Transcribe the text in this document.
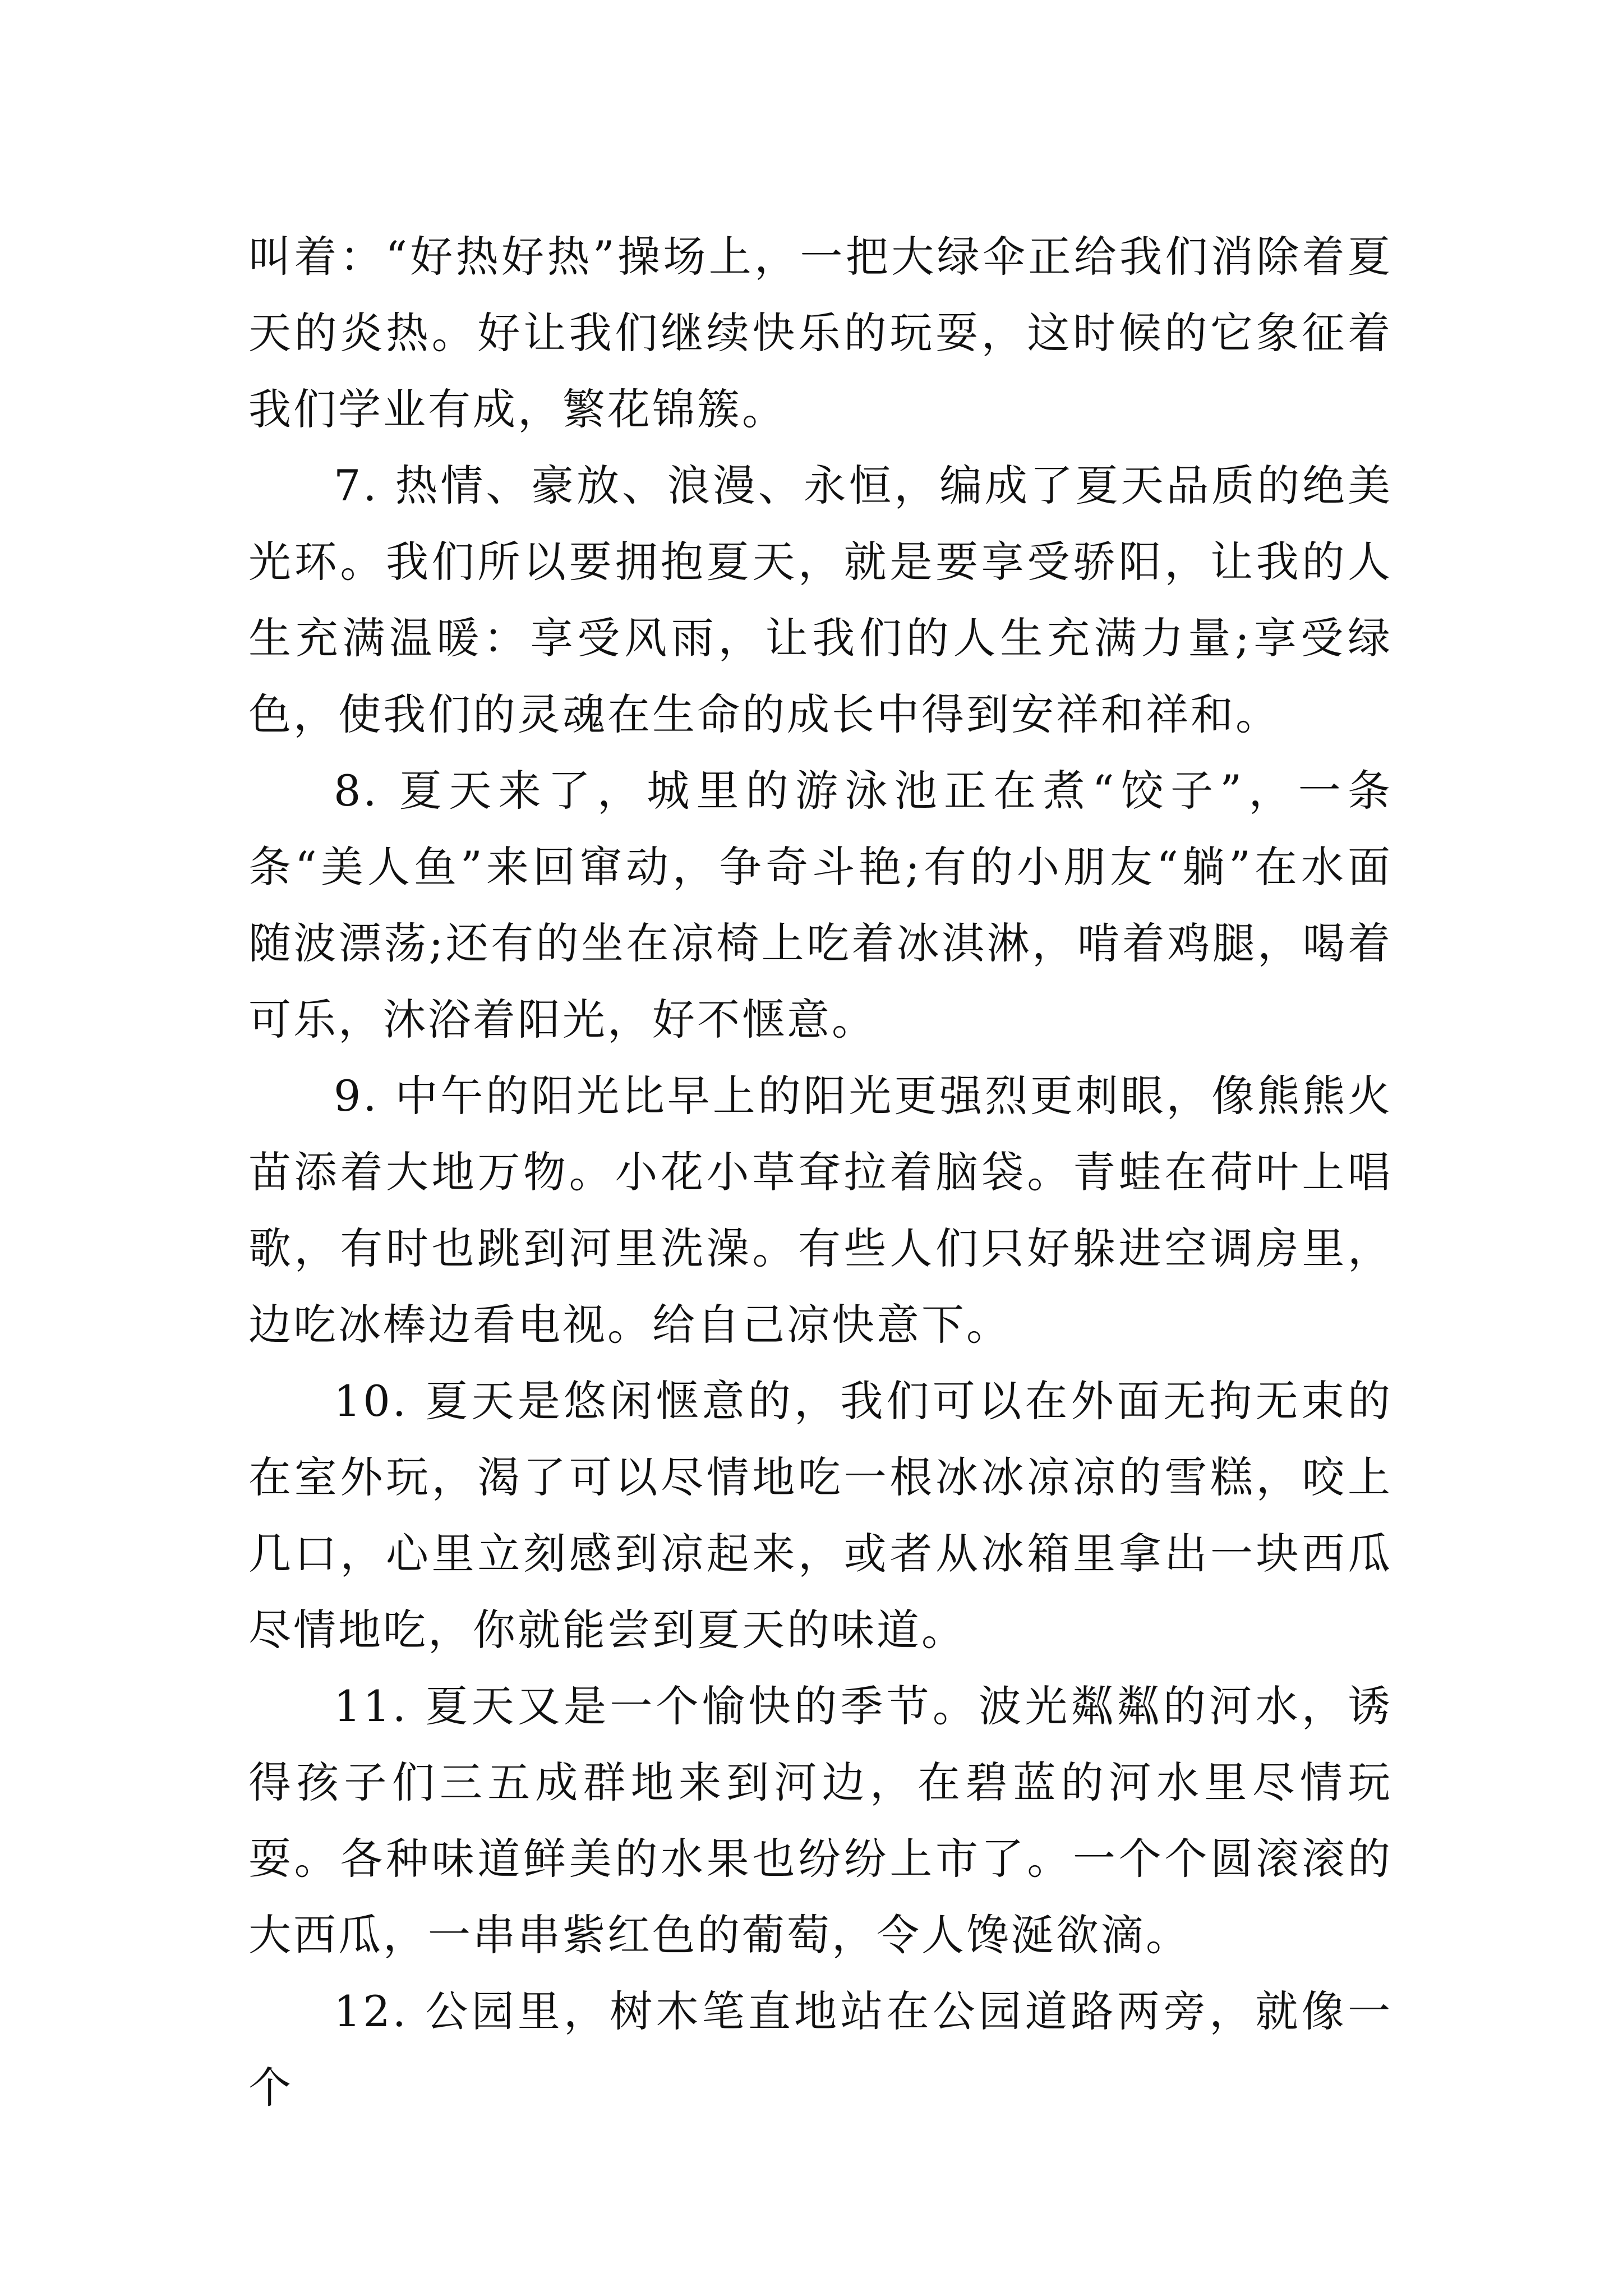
叫着：“好热好热”操场上，一把大绿伞正给我们消除着夏天的炎热。好让我们继续快乐的玩耍，这时候的它象征着我们学业有成，繁花锦簇。

7. 热情、豪放、浪漫、永恒，编成了夏天品质的绝美光环。我们所以要拥抱夏天，就是要享受骄阳，让我的人生充满温暖：享受风雨，让我们的人生充满力量;享受绿色，使我们的灵魂在生命的成长中得到安祥和祥和。

8. 夏天来了，城里的游泳池正在煮“饺子”，一条条“美人鱼”来回窜动，争奇斗艳;有的小朋友“躺”在水面随波漂荡;还有的坐在凉椅上吃着冰淇淋，啃着鸡腿，喝着可乐，沐浴着阳光，好不惬意。

9. 中午的阳光比早上的阳光更强烈更刺眼，像熊熊火苗添着大地万物。小花小草耷拉着脑袋。青蛙在荷叶上唱歌，有时也跳到河里洗澡。有些人们只好躲进空调房里，边吃冰棒边看电视。给自己凉快意下。

10. 夏天是悠闲惬意的，我们可以在外面无拘无束的在室外玩，渴了可以尽情地吃一根冰冰凉凉的雪糕，咬上几口，心里立刻感到凉起来，或者从冰箱里拿出一块西瓜尽情地吃，你就能尝到夏天的味道。

11. 夏天又是一个愉快的季节。波光粼粼的河水，诱得孩子们三五成群地来到河边，在碧蓝的河水里尽情玩耍。各种味道鲜美的水果也纷纷上市了。一个个圆滚滚的大西瓜，一串串紫红色的葡萄，令人馋涎欲滴。

12. 公园里，树木笔直地站在公园道路两旁，就像一个
